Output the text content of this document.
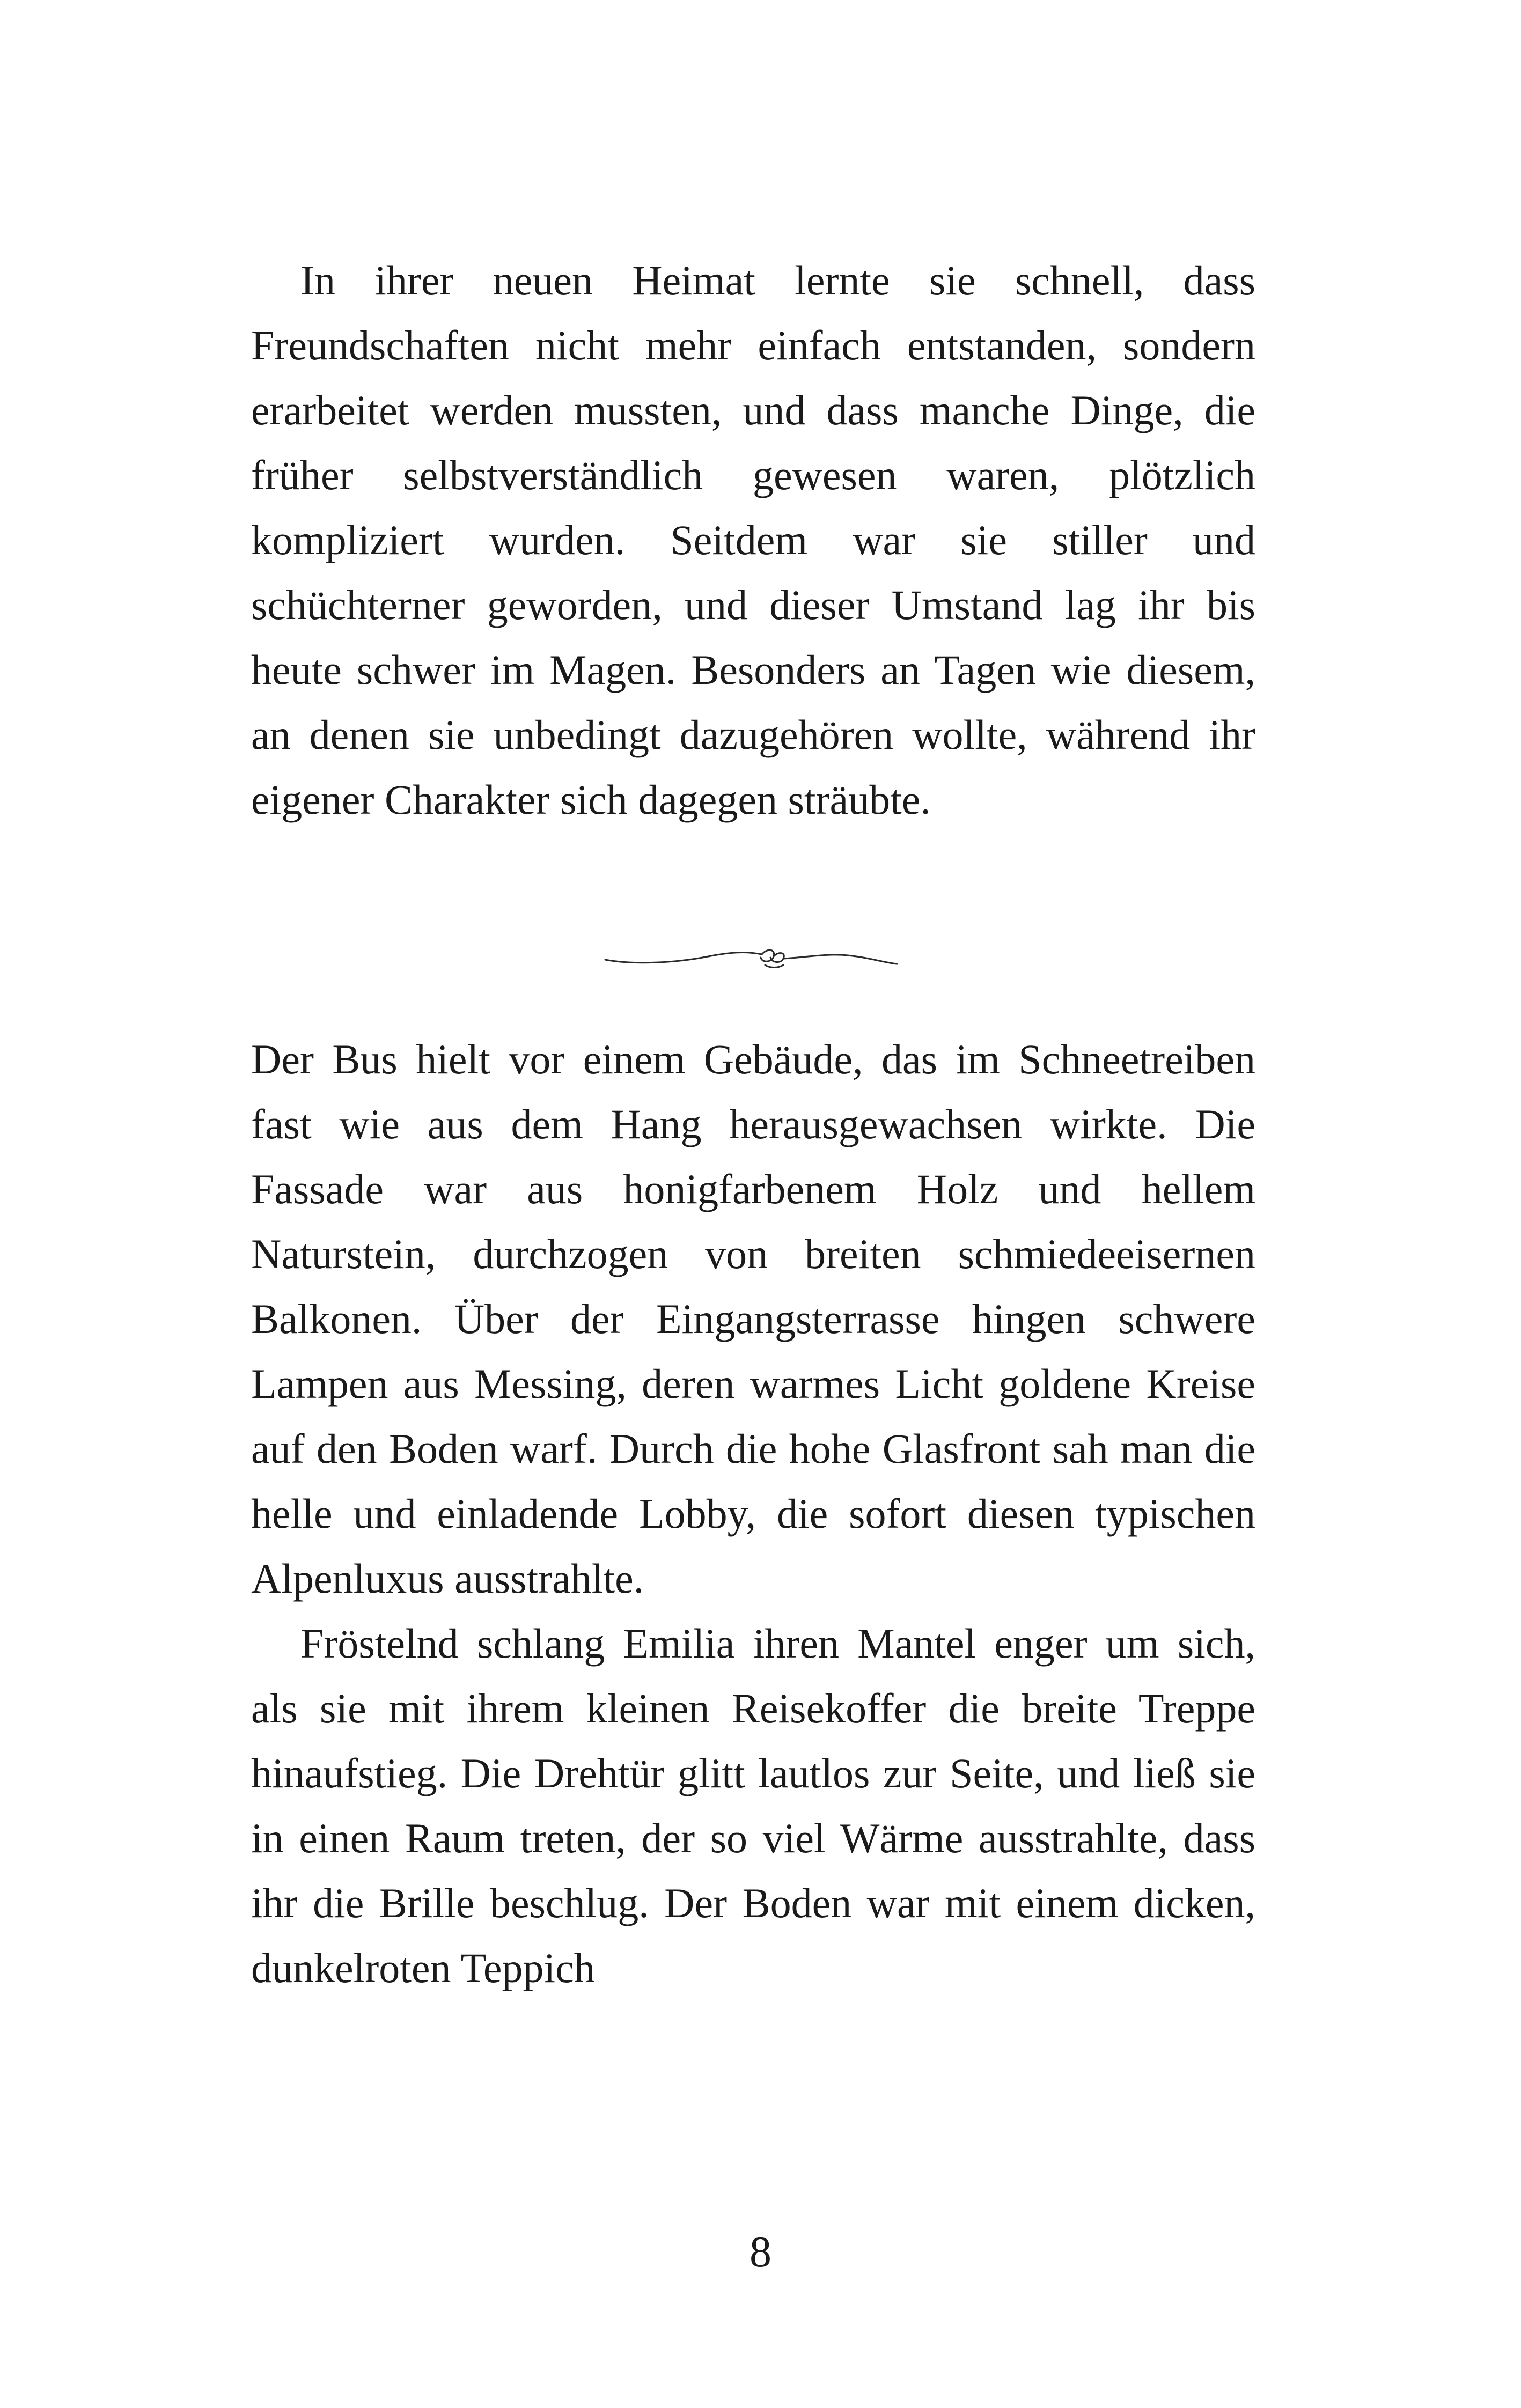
In ihrer neuen Heimat lernte sie schnell, dass Freundschaften nicht mehr einfach entstanden, sondern erarbeitet werden mussten, und dass manche Dinge, die früher selbstverständlich gewesen waren, plötzlich kompliziert wurden. Seitdem war sie stiller und schüchterner geworden, und dieser Umstand lag ihr bis heute schwer im Magen. Besonders an Tagen wie diesem, an denen sie unbedingt dazugehören wollte, während ihr eigener Charakter sich dagegen sträubte.

Der Bus hielt vor einem Gebäude, das im Schneetreiben fast wie aus dem Hang herausgewachsen wirkte. Die Fassade war aus honigfarbenem Holz und hellem Naturstein, durchzogen von breiten schmiedeeisernen Balkonen. Über der Eingangsterrasse hingen schwere Lampen aus Messing, deren warmes Licht goldene Kreise auf den Boden warf. Durch die hohe Glasfront sah man die helle und einladende Lobby, die sofort diesen typischen Alpenluxus ausstrahlte.

Fröstelnd schlang Emilia ihren Mantel enger um sich, als sie mit ihrem kleinen Reisekoffer die breite Treppe hinaufstieg. Die Drehtür glitt lautlos zur Seite, und ließ sie in einen Raum treten, der so viel Wärme ausstrahlte, dass ihr die Brille beschlug. Der Boden war mit einem dicken, dunkelroten Teppich

8
